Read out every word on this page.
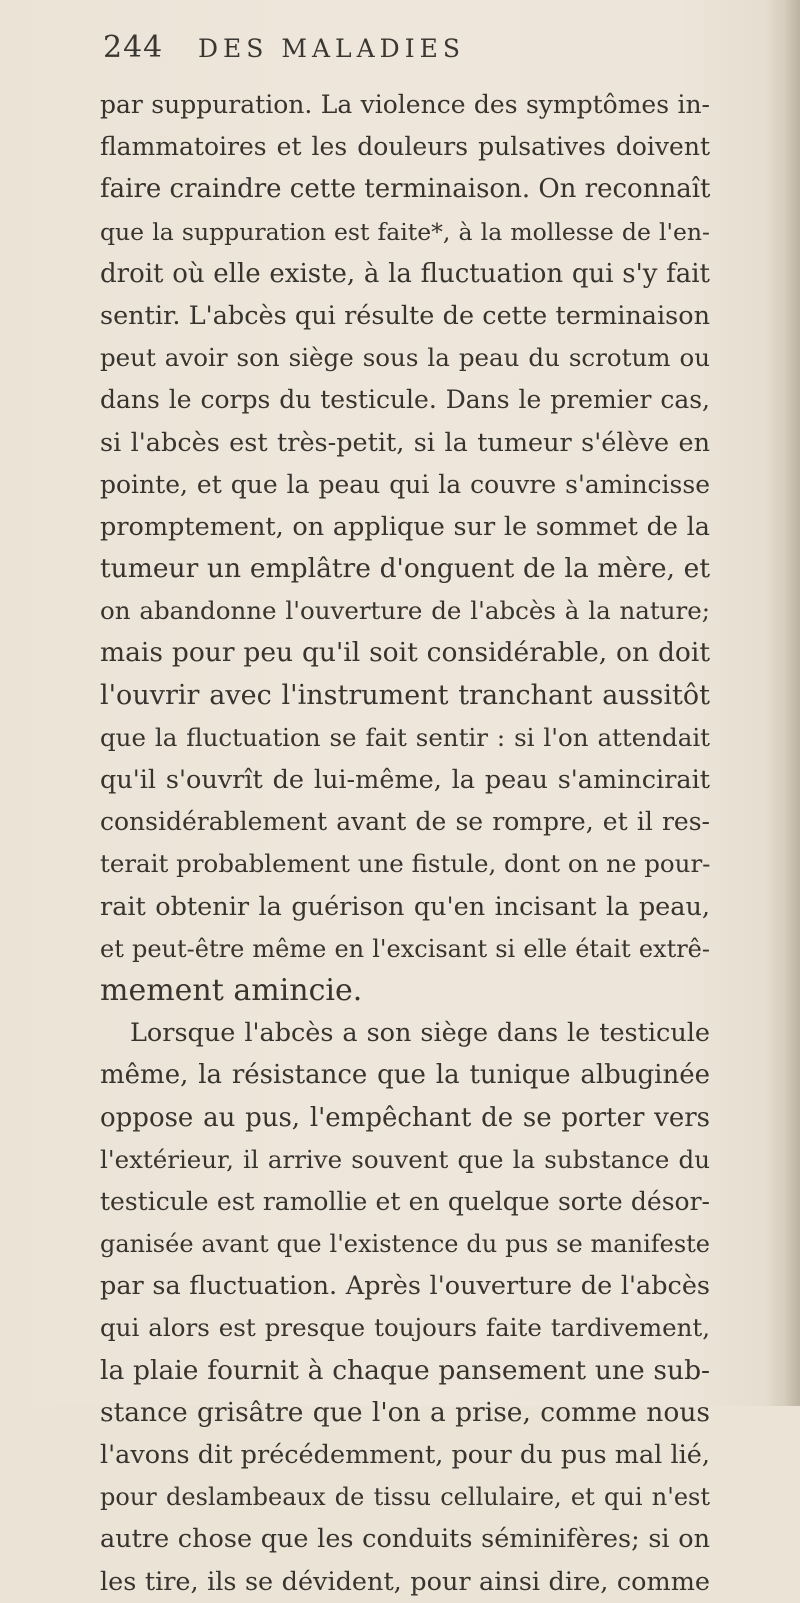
244 DES MALADIES
par suppuration. La violence des symptômes in-
flammatoires et les douleurs pulsatives doivent
faire craindre cette terminaison. On reconnaît
que la suppuration est faite*, à la mollesse de l'en-
droit où elle existe, à la fluctuation qui s'y fait
sentir. L'abcès qui résulte de cette terminaison
peut avoir son siège sous la peau du scrotum ou
dans le corps du testicule. Dans le premier cas,
si l'abcès est très-petit, si la tumeur s'élève en
pointe, et que la peau qui la couvre s'amincisse
promptement, on applique sur le sommet de la
tumeur un emplâtre d'onguent de la mère, et
on abandonne l'ouverture de l'abcès à la nature;
mais pour peu qu'il soit considérable, on doit
l'ouvrir avec l'instrument tranchant aussitôt
que la fluctuation se fait sentir : si l'on attendait
qu'il s'ouvrît de lui-même, la peau s'amincirait
considérablement avant de se rompre, et il res-
terait probablement une fistule, dont on ne pour-
rait obtenir la guérison qu'en incisant la peau,
et peut-être même en l'excisant si elle était extrê-
mement amincie.
Lorsque l'abcès a son siège dans le testicule
même, la résistance que la tunique albuginée
oppose au pus, l'empêchant de se porter vers
l'extérieur, il arrive souvent que la substance du
testicule est ramollie et en quelque sorte désor-
ganisée avant que l'existence du pus se manifeste
par sa fluctuation. Après l'ouverture de l'abcès
qui alors est presque toujours faite tardivement,
la plaie fournit à chaque pansement une sub-
stance grisâtre que l'on a prise, comme nous
l'avons dit précédemment, pour du pus mal lié,
pour deslambeaux de tissu cellulaire, et qui n'est
autre chose que les conduits séminifères; si on
les tire, ils se dévident, pour ainsi dire, comme
